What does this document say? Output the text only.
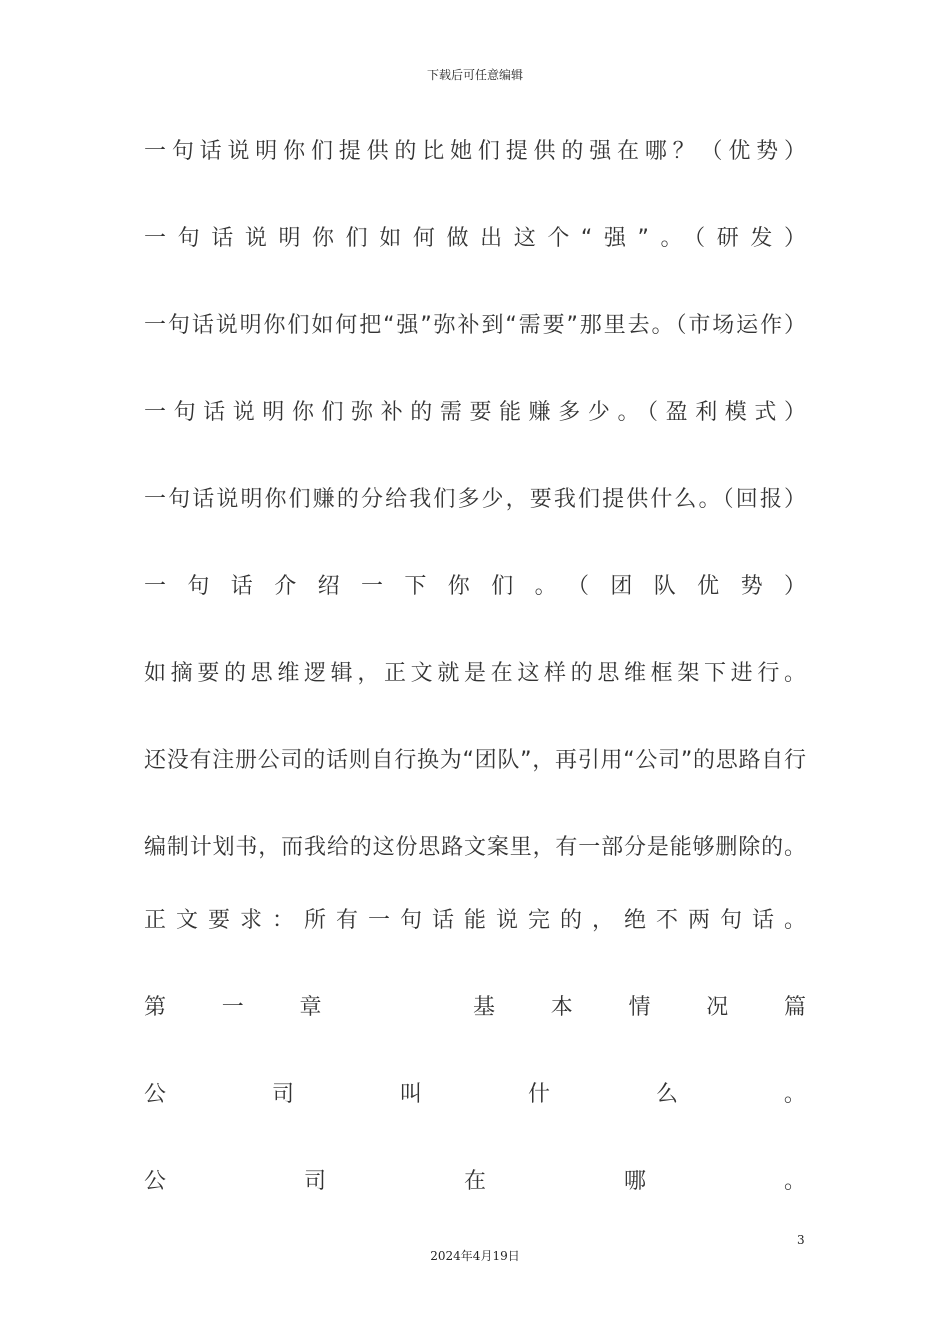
下载后可任意编辑
一句话说明你们提供的比她们提供的强在哪？（优势）
一句话说明你们如何做出这个“强”。（研发）
一句话说明你们如何把“强”弥补到“需要”那里去。（市场运作）
一句话说明你们弥补的需要能赚多少。（盈利模式）
一句话说明你们赚的分给我们多少，要我们提供什么。（回报）
一句话介绍一下你们。（团队优势）
如摘要的思维逻辑，正文就是在这样的思维框架下进行。
还没有注册公司的话则自行换为“团队”，再引用“公司”的思路自行
编制计划书，而我给的这份思路文案里，有一部分是能够删除的。
正文要求：所有一句话能说完的，绝不两句话。
第	一	章	基	本	情	况	篇
公	司	叫	什	么	。
公	司	在	哪	。
3
2024年4月19日
